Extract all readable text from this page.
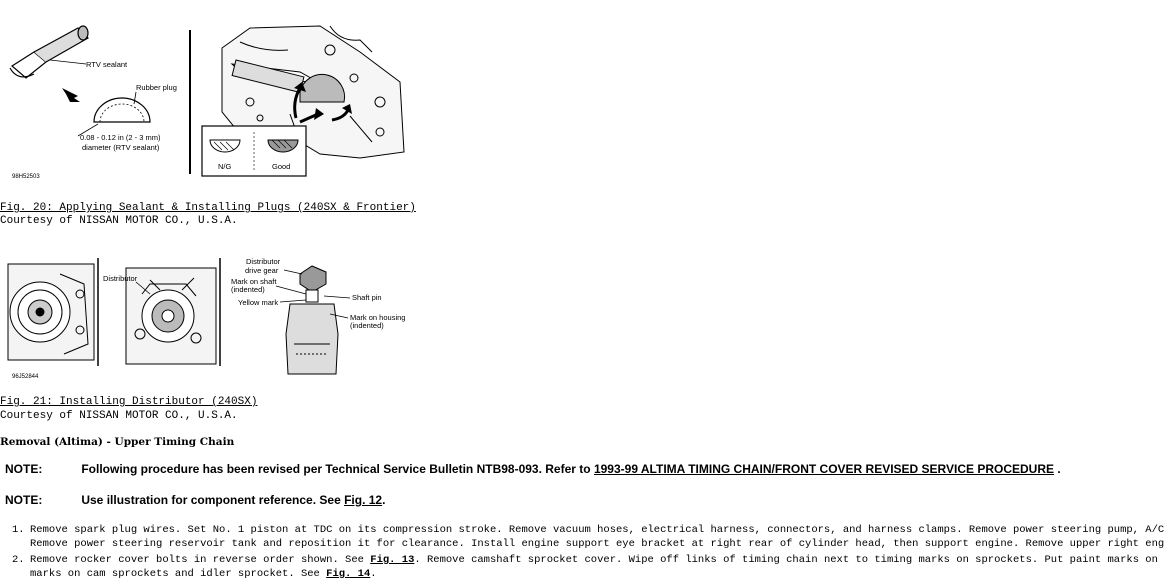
RTV sealant
Rubber plug
0.08 - 0.12 in (2 - 3 mm)
diameter (RTV sealant)
98H52503
N/G	Good
Fig. 20: Applying Sealant & Installing Plugs (240SX & Frontier)
Courtesy of NISSAN MOTOR CO., U.S.A.
Distributor
Distributor
drive gear
Mark on shaft
(indented)
Yellow mark
Shaft pin
Mark on housing
(indented)
96J52844
Fig. 21: Installing Distributor (240SX)
Courtesy of NISSAN MOTOR CO., U.S.A.
Removal (Altima) - Upper Timing Chain
NOTE:	Following procedure has been revised per Technical Service Bulletin NTB98-093. Refer to 1993-99 ALTIMA TIMING CHAIN/FRONT COVER REVISED SERVICE PROCEDURE .
NOTE:	Use illustration for component reference. See Fig. 12.
1. Remove spark plug wires. Set No. 1 piston at TDC on its compression stroke. Remove vacuum hoses, electrical harness, connectors, and harness clamps. Remove power steering pump, A/C
Remove power steering reservoir tank and reposition it for clearance. Install engine support eye bracket at right rear of cylinder head, then support engine. Remove upper right eng
2. Remove rocker cover bolts in reverse order shown. See Fig. 13. Remove camshaft sprocket cover. Wipe off links of timing chain next to timing marks on sprockets. Put paint marks on
marks on cam sprockets and idler sprocket. See Fig. 14.
